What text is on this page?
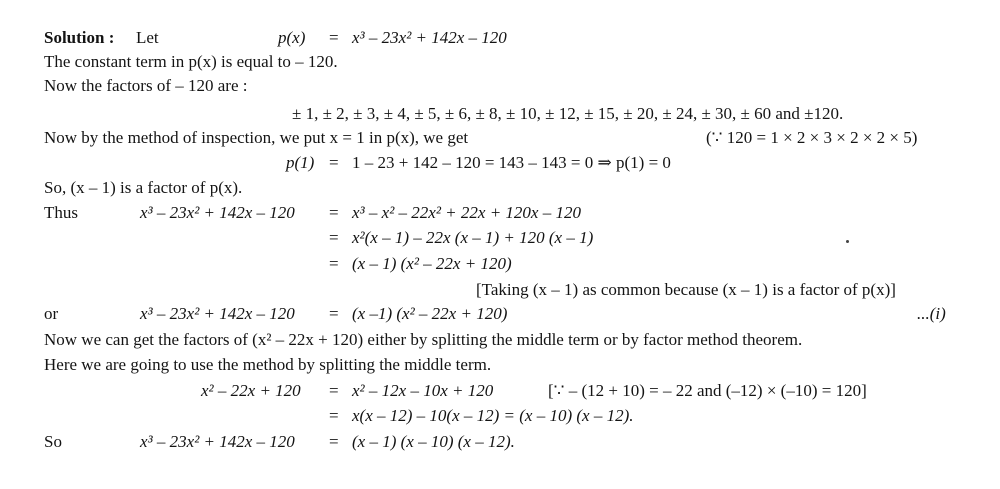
Solution : Let	p(x) = x³ – 23x² + 142x – 120
The constant term in p(x) is equal to – 120.
Now the factors of – 120 are :
± 1, ± 2, ± 3, ± 4, ± 5, ± 6, ± 8, ± 10, ± 12, ± 15, ± 20, ± 24, ± 30, ± 60 and ±120.
Now by the method of inspection, we put x = 1 in p(x), we get	(∵ 120 = 1 × 2 × 3 × 2 × 2 × 5)
p(1) = 1 – 23 + 142 – 120 = 143 – 143 = 0 ⇒ p(1) = 0
So, (x – 1) is a factor of p(x).
Thus	x³ – 23x² + 142x – 120 = x³ – x² – 22x² + 22x + 120x – 120
= x²(x – 1) – 22x (x – 1) + 120 (x – 1)
= (x – 1) (x² – 22x + 120)
[Taking (x – 1) as common because (x – 1) is a factor of p(x)]
or	x³ – 23x² + 142x – 120 = (x –1) (x² – 22x + 120)	...(i)
Now we can get the factors of (x² – 22x + 120) either by splitting the middle term or by factor method theorem.
Here we are going to use the method by splitting the middle term.
x² – 22x + 120 = x² – 12x – 10x + 120	[∵ – (12 + 10) = – 22 and (–12) × (–10) = 120]
= x(x – 12) – 10(x – 12) = (x – 10) (x – 12).
So	x³ – 23x² + 142x – 120 = (x – 1) (x – 10) (x – 12).
